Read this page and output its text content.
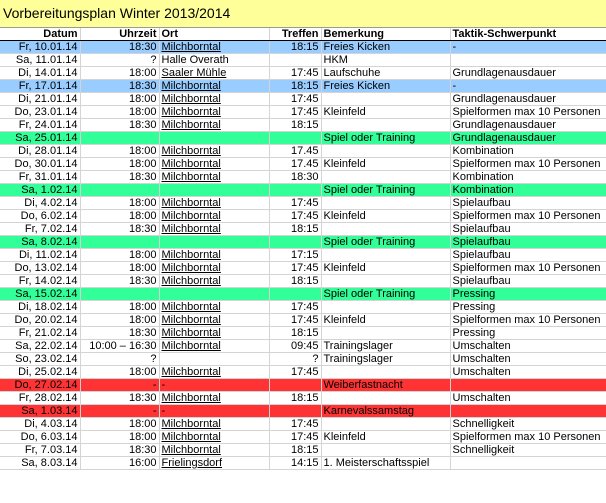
Vorbereitungsplan Winter 2013/2014					
Datum	Uhrzeit	Ort	Treffen	Bemerkung	Taktik-Schwerpunkt
Fr, 10.01.14	18:30	Milchborntal	18:15	Freies Kicken	-
Sa, 11.01.14	?	Halle Overath		HKM	
Di, 14.01.14	18:00	Saaler Mühle	17:45	Laufschuhe	Grundlagenausdauer
Fr, 17.01.14	18:30	Milchborntal	18:15	Freies Kicken	-
Di, 21.01.14	18:00	Milchborntal	17:45		Grundlagenausdauer
Do, 23.01.14	18:00	Milchborntal	17:45	Kleinfeld	Spielformen max 10 Personen
Fr, 24.01.14	18:30	Milchborntal	18:15		Grundlagenausdauer
Sa, 25.01.14				Spiel oder Training	Grundlagenausdauer
Di, 28.01.14	18:00	Milchborntal	17.45		Kombination
Do, 30.01.14	18:00	Milchborntal	17.45	Kleinfeld	Spielformen max 10 Personen
Fr, 31.01.14	18:30	Milchborntal	18:30		Kombination
Sa, 1.02.14				Spiel oder Training	Kombination
Di, 4.02.14	18:00	Milchborntal	17:45		Spielaufbau
Do, 6.02.14	18:00	Milchborntal	17:45	Kleinfeld	Spielformen max 10 Personen
Fr, 7.02.14	18:30	Milchborntal	18:15		Spielaufbau
Sa, 8.02.14				Spiel oder Training	Spielaufbau
Di, 11.02.14	18:00	Milchborntal	17:15		Spielaufbau
Do, 13.02.14	18:00	Milchborntal	17:45	Kleinfeld	Spielformen max 10 Personen
Fr, 14.02.14	18:30	Milchborntal	18:15		Spielaufbau
Sa, 15.02.14				Spiel oder Training	Pressing
Di, 18.02.14	18:00	Milchborntal	17:45		Pressing
Do, 20.02.14	18:00	Milchborntal	17:45	Kleinfeld	Spielformen max 10 Personen
Fr, 21.02.14	18:30	Milchborntal	18:15		Pressing
Sa, 22.02.14	10:00 – 16:30	Milchborntal	09:45	Trainingslager	Umschalten
So, 23.02.14	?		?	Trainingslager	Umschalten
Di, 25.02.14	18:00	Milchborntal	17:45		Umschalten
Do, 27.02.14	-	-		Weiberfastnacht	
Fr, 28.02.14	18:30	Milchborntal	18:15		Umschalten
Sa, 1.03.14	-	-		Karnevalssamstag	
Di, 4.03.14	18:00	Milchborntal	17:45		Schnelligkeit
Do, 6.03.14	18:00	Milchborntal	17:45	Kleinfeld	Spielformen max 10 Personen
Fr, 7.03.14	18:30	Milchborntal	18:15		Schnelligkeit
Sa, 8.03.14	16:00	Frielingsdorf	14:15	1. Meisterschaftsspiel	
